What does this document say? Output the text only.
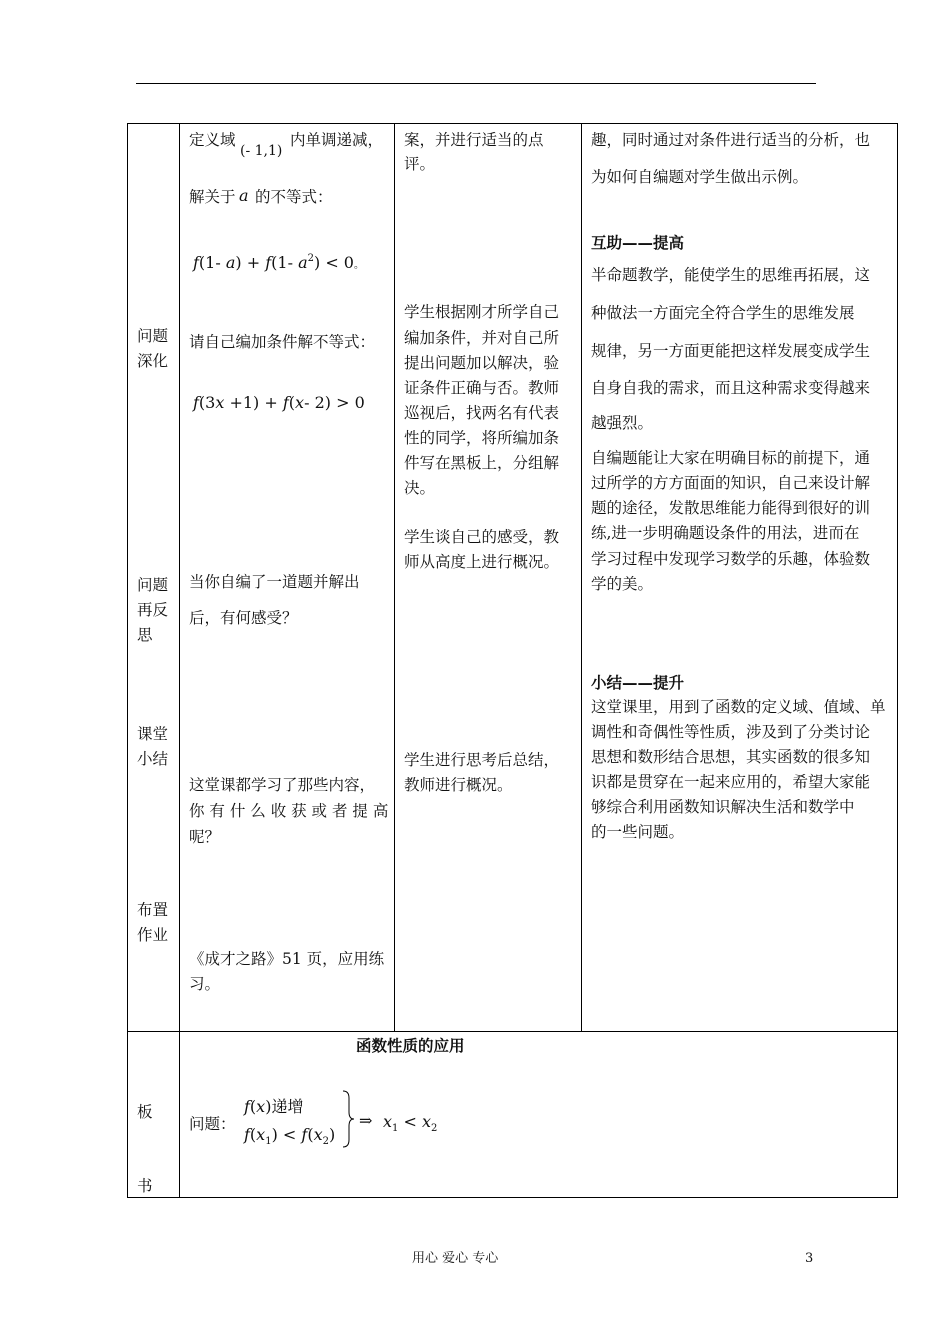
问题
深化
问题
再反
思
课堂
小结
布置
作业
板
书
定义域
(- 1,1)
内单调递减，
解关于 a 的不等式：
f(1- a) + f(1- $a^2) < 0$。
请自己编加条件解不等式：
f(3x +1) + f(x- 2) > 0
当你自编了一道题并解出
后，有何感受？
这堂课都学习了那些内容，
你 有 什 么 收 获 或 者 提 高
呢？
《成才之路》51 页，应用练
习。
案，并进行适当的点
评。
学生根据刚才所学自己
编加条件，并对自己所
提出问题加以解决，验
证条件正确与否。教师
巡视后，找两名有代表
性的同学，将所编加条
件写在黑板上，分组解
决。
学生谈自己的感受，教
师从高度上进行概况。
学生进行思考后总结，
教师进行概况。
趣，同时通过对条件进行适当的分析，也
为如何自编题对学生做出示例。
互助——提高
半命题教学，能使学生的思维再拓展，这
种做法一方面完全符合学生的思维发展
规律，另一方面更能把这样发展变成学生
自身自我的需求，而且这种需求变得越来
越强烈。
自编题能让大家在明确目标的前提下，通
过所学的方方面面的知识，自己来设计解
题的途径，发散思维能力能得到很好的训
练,进一步明确题设条件的用法，进而在
学习过程中发现学习数学的乐趣，体验数
学的美。
小结——提升
这堂课里，用到了函数的定义域、值域、单
调性和奇偶性等性质，涉及到了分类讨论
思想和数形结合思想，其实函数的很多知
识都是贯穿在一起来应用的，希望大家能
够综合利用函数知识解决生活和数学中
的一些问题。
函数性质的应用
问题：
f(x)递增
$f(x_1) < f(x_2)$
⇒ $x_1 < x_2$
用心 爱心 专心	3
